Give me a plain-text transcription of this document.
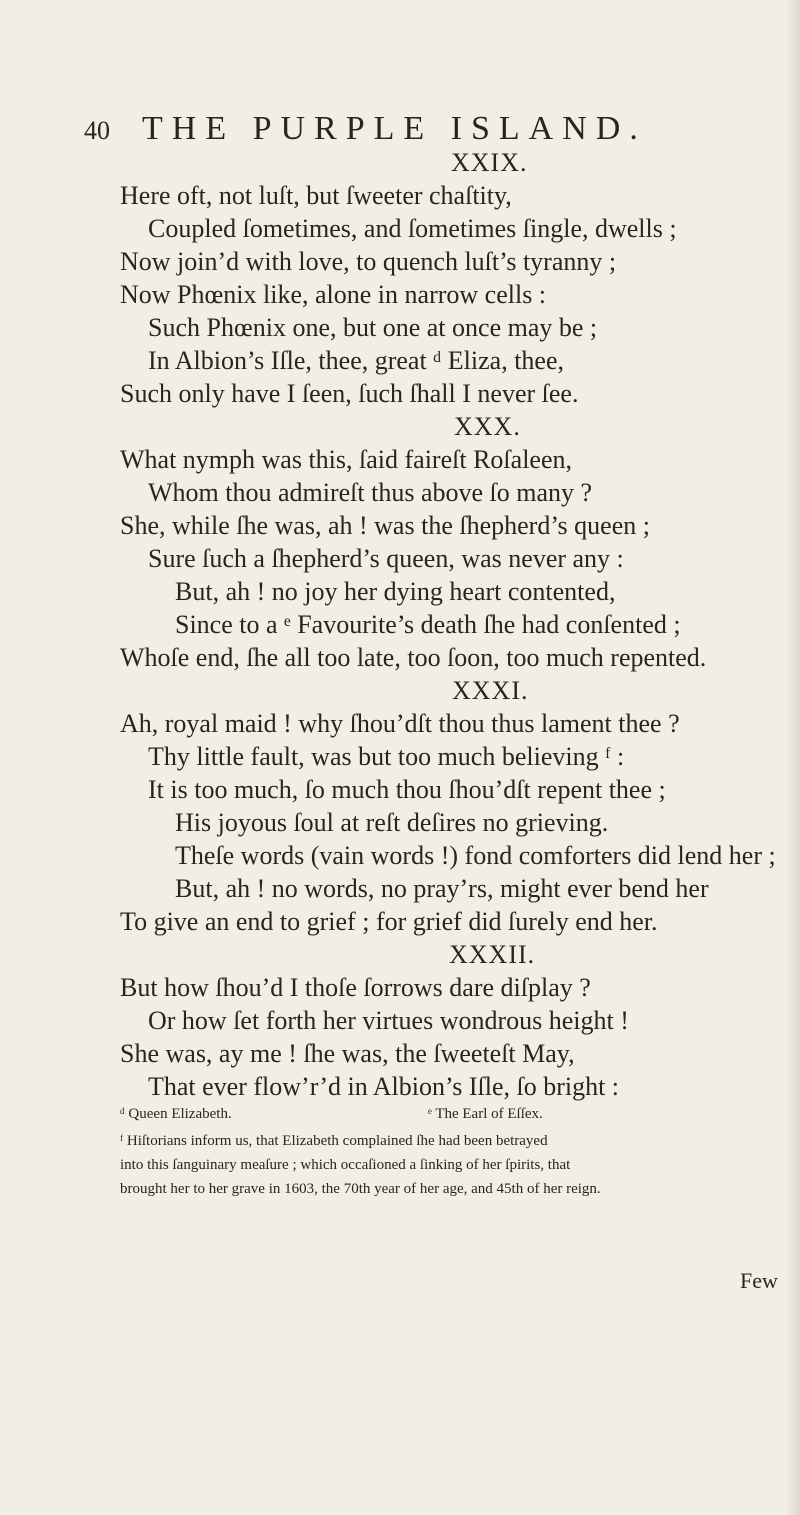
40 THE PURPLE ISLAND.
XXIX.
Here oft, not luſt, but ſweeter chaſtity,
Coupled ſometimes, and ſometimes ſingle, dwells ;
Now join’d with love, to quench luſt’s tyranny ;
Now Phœnix like, alone in narrow cells :
Such Phœnix one, but one at once may be ;
In Albion’s Iſle, thee, great ᵈ Eliza, thee,
Such only have I ſeen, ſuch ſhall I never ſee.
XXX.
What nymph was this, ſaid faireſt Roſaleen,
Whom thou admireſt thus above ſo many ?
She, while ſhe was, ah ! was the ſhepherd’s queen ;
Sure ſuch a ſhepherd’s queen, was never any :
But, ah ! no joy her dying heart contented,
Since to a ᵉ Favourite’s death ſhe had conſented ;
Whoſe end, ſhe all too late, too ſoon, too much repented.
XXXI.
Ah, royal maid ! why ſhou’dſt thou thus lament thee ?
Thy little fault, was but too much believing ᶠ :
It is too much, ſo much thou ſhou’dſt repent thee ;
His joyous ſoul at reſt deſires no grieving.
Theſe words (vain words !) fond comforters did lend her ;
But, ah ! no words, no pray’rs, might ever bend her
To give an end to grief ; for grief did ſurely end her.
XXXII.
But how ſhou’d I thoſe ſorrows dare diſplay ?
Or how ſet forth her virtues wondrous height !
She was, ay me ! ſhe was, the ſweeteſt May,
That ever flow’r’d in Albion’s Iſle, ſo bright :
ᵈ Queen Elizabeth.	ᵉ The Earl of Eſſex.
ᶠ Hiſtorians inform us, that Elizabeth complained ſhe had been betrayed
into this ſanguinary meaſure ; which occaſioned a ſinking of her ſpirits, that
brought her to her grave in 1603, the 70th year of her age, and 45th of her reign.
Few
